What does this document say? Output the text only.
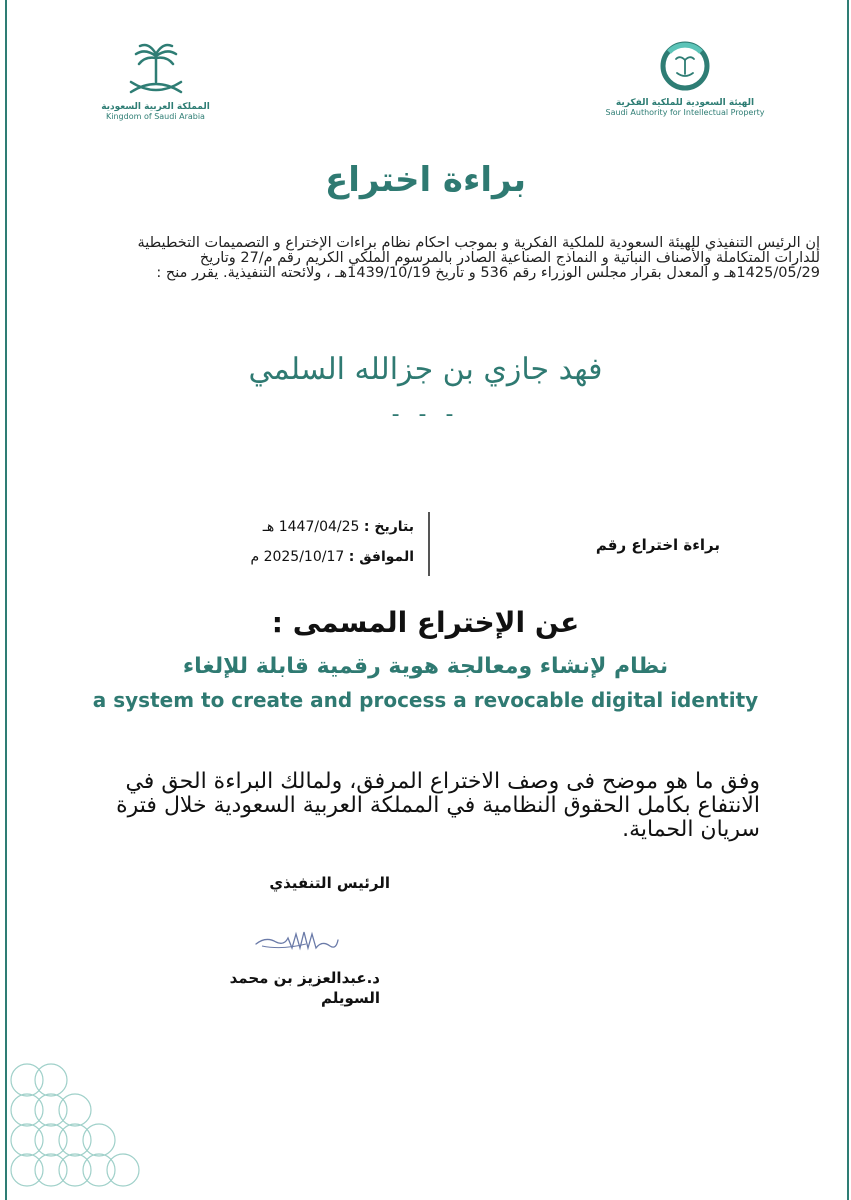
المملكة العربية السعودية
Kingdom of Saudi Arabia
الهيئة السعودية للملكية الفكرية
Saudi Authority for Intellectual Property
براءة اختراع
إن الرئيس التنفيذي للهيئة السعودية للملكية الفكرية و بموجب احكام نظام براءات الإختراع و التصميمات التخطيطية للدارات المتكاملة والأصناف النباتية و النماذج الصناعية الصادر بالمرسوم الملكي الكريم رقم م/27 وتاريخ 1425/05/29هـ و المعدل بقرار مجلس الوزراء رقم 536 و تاريخ 1439/10/19هـ ، ولائحته التنفيذية. يقرر منح :
فهد جازي بن جزالله السلمي
- - -
بتاريخ : 1447/04/25 هـ
الموافق : 2025/10/17 م
براءة اختراع رقم
عن الإختراع المسمى :
نظام لإنشاء ومعالجة هوية رقمية قابلة للإلغاء
a system to create and process a revocable digital identity
وفق ما هو موضح فى وصف الاختراع المرفق، ولمالك البراءة الحق في الانتفاع بكامل الحقوق النظامية في المملكة العربية السعودية خلال فترة سريان الحماية.
الرئيس التنفيذي
د.عبدالعزيز بن محمد السويلم
